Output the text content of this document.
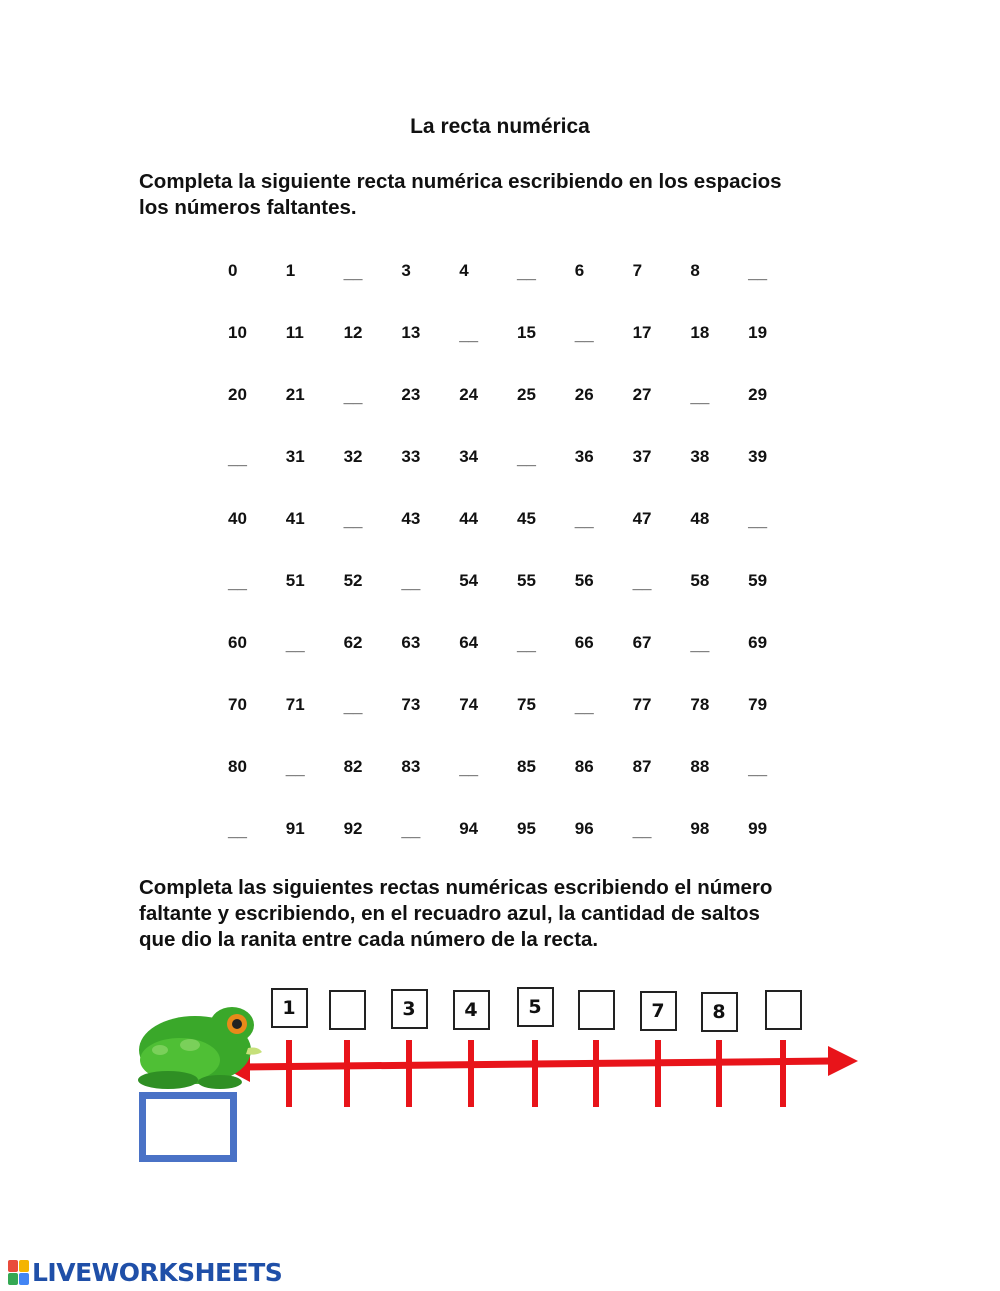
La recta numérica
Completa la siguiente recta numérica escribiendo en los espacios
los números faltantes.
0	1	__	3	4	__	6	7	8	__
10	11	12	13	__	15	__	17	18	19
20	21	__	23	24	25	26	27	__	29
__	31	32	33	34	__	36	37	38	39
40	41	__	43	44	45	__	47	48	__
__	51	52	__	54	55	56	__	58	59
60	__	62	63	64	__	66	67	__	69
70	71	__	73	74	75	__	77	78	79
80	__	82	83	__	85	86	87	88	__
__	91	92	__	94	95	96	__	98	99
Completa las siguientes rectas numéricas escribiendo el número
faltante y escribiendo, en el recuadro azul, la cantidad de saltos
que dio la ranita entre cada número de la recta.
1	3	4	5	7	8
LIVEWORKSHEETS
